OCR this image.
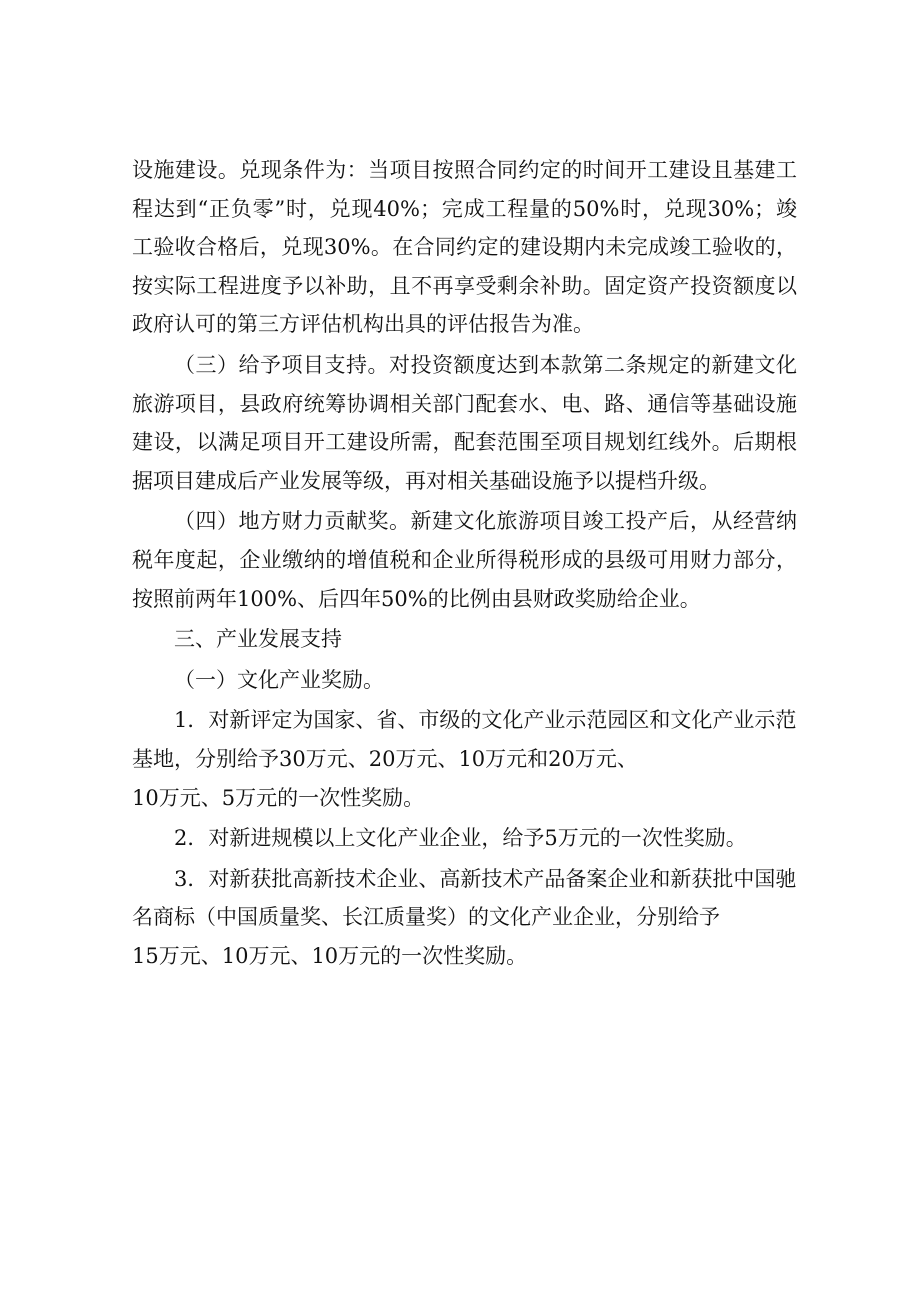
设施建设。兑现条件为：当项目按照合同约定的时间开工建设且基建工程达到“正负零”时，兑现40%；完成工程量的50%时，兑现30%；竣工验收合格后，兑现30%。在合同约定的建设期内未完成竣工验收的，按实际工程进度予以补助，且不再享受剩余补助。固定资产投资额度以政府认可的第三方评估机构出具的评估报告为准。

（三）给予项目支持。对投资额度达到本款第二条规定的新建文化旅游项目，县政府统筹协调相关部门配套水、电、路、通信等基础设施建设，以满足项目开工建设所需，配套范围至项目规划红线外。后期根据项目建成后产业发展等级，再对相关基础设施予以提档升级。

（四）地方财力贡献奖。新建文化旅游项目竣工投产后，从经营纳税年度起，企业缴纳的增值税和企业所得税形成的县级可用财力部分，按照前两年100%、后四年50%的比例由县财政奖励给企业。

三、产业发展支持

（一）文化产业奖励。

1．对新评定为国家、省、市级的文化产业示范园区和文化产业示范基地，分别给予30万元、20万元、10万元和20万元、

10万元、5万元的一次性奖励。

2．对新进规模以上文化产业企业，给予5万元的一次性奖励。

3．对新获批高新技术企业、高新技术产品备案企业和新获批中国驰名商标（中国质量奖、长江质量奖）的文化产业企业，分别给予

15万元、10万元、10万元的一次性奖励。
